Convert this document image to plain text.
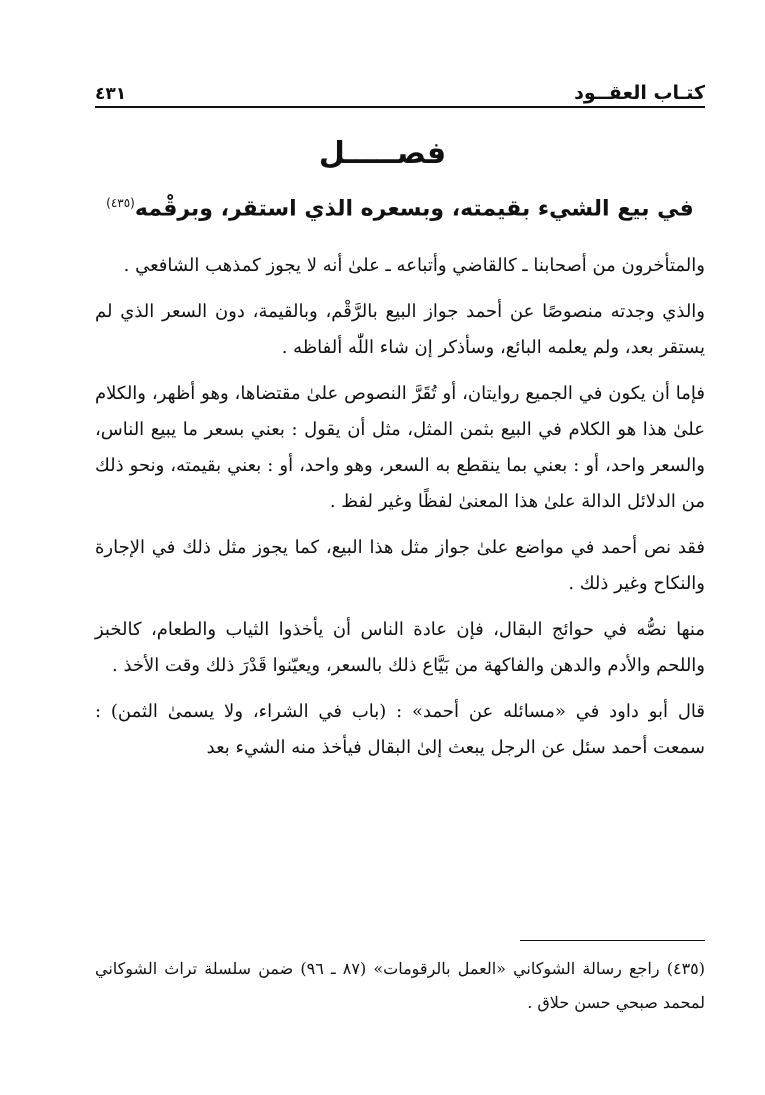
كتـاب العقــود
٤٣١
فصـــــل
في بيع الشيء بقيمته، وبسعره الذي استقر، وبرقْمه$^{(٤٣٥)}$

والمتأخرون من أصحابنا ـ كالقاضي وأتباعه ـ علىٰ أنه لا يجوز كمذهب الشافعي .

والذي وجدته منصوصًا عن أحمد جواز البيع بالرَّقْم، وبالقيمة، دون السعر الذي لم يستقر بعد، ولم يعلمه البائع، وسأذكر إن شاء اللّٰه ألفاظه .

فإما أن يكون في الجميع روايتان، أو تُقَرَّ النصوص علىٰ مقتضاها، وهو أظهر، والكلام علىٰ هذا هو الكلام في البيع بثمن المثل، مثل أن يقول : بعني بسعر ما يبيع الناس، والسعر واحد، أو : بعني بما ينقطع به السعر، وهو واحد، أو : بعني بقيمته، ونحو ذلك من الدلائل الدالة علىٰ هذا المعنىٰ لفظًا وغير لفظ .

فقد نص أحمد في مواضع علىٰ جواز مثل هذا البيع، كما يجوز مثل ذلك في الإجارة والنكاح وغير ذلك .

منها نصُّه في حوائج البقال، فإن عادة الناس أن يأخذوا الثياب والطعام، كالخبز واللحم والأدم والدهن والفاكهة من بَيَّاع ذلك بالسعر، ويعيّنوا قَدْرَ ذلك وقت الأخذ .

قال أبو داود في «مسائله عن أحمد» : (باب في الشراء، ولا يسمىٰ الثمن) : سمعت أحمد سئل عن الرجل يبعث إلىٰ البقال فيأخذ منه الشيء بعد

(٤٣٥) راجع رسالة الشوكاني «العمل بالرقومات» (٨٧ ـ ٩٦) ضمن سلسلة تراث الشوكاني لمحمد صبحي حسن حلاق .
